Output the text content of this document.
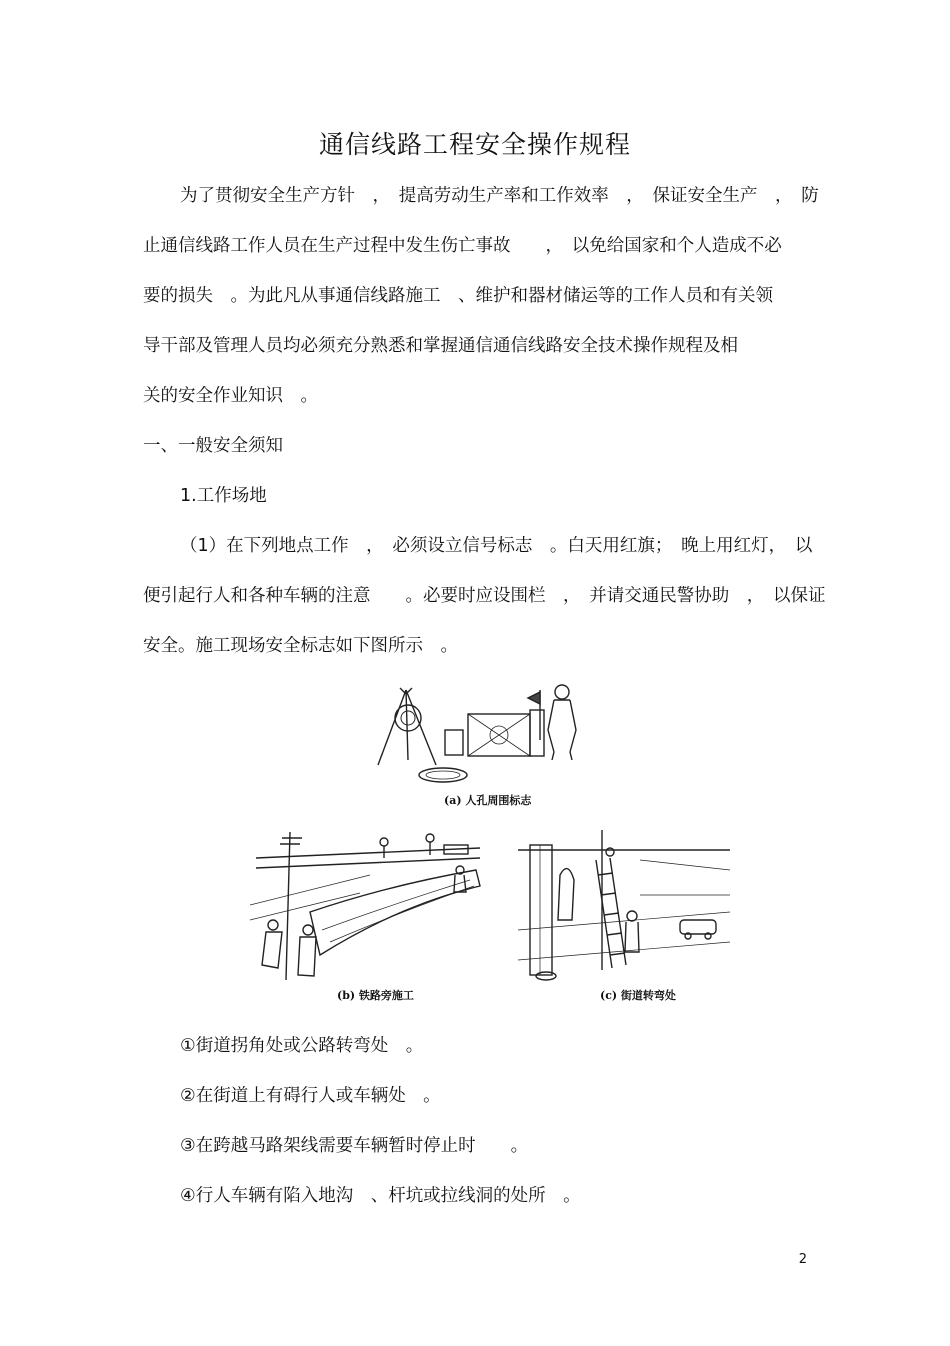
通信线路工程安全操作规程
为了贯彻安全生产方针　，　提高劳动生产率和工作效率　，　保证安全生产　，　防
止通信线路工作人员在生产过程中发生伤亡事故　　，　以免给国家和个人造成不必
要的损失　。为此凡从事通信线路施工　、维护和器材储运等的工作人员和有关领
导干部及管理人员均必须充分熟悉和掌握通信通信线路安全技术操作规程及相
关的安全作业知识　。
一、一般安全须知
1.工作场地
（1）在下列地点工作　，　必须设立信号标志　。白天用红旗；　晚上用红灯，　以
便引起行人和各种车辆的注意　　。必要时应设围栏　，　并请交通民警协助　，　以保证
安全。施工现场安全标志如下图所示　。
(a) 人孔周围标志
(b) 铁路旁施工	(c) 街道转弯处
①街道拐角处或公路转弯处　。
②在街道上有碍行人或车辆处　。
③在跨越马路架线需要车辆暂时停止时　　。
④行人车辆有陷入地沟　、杆坑或拉线洞的处所　。
2
